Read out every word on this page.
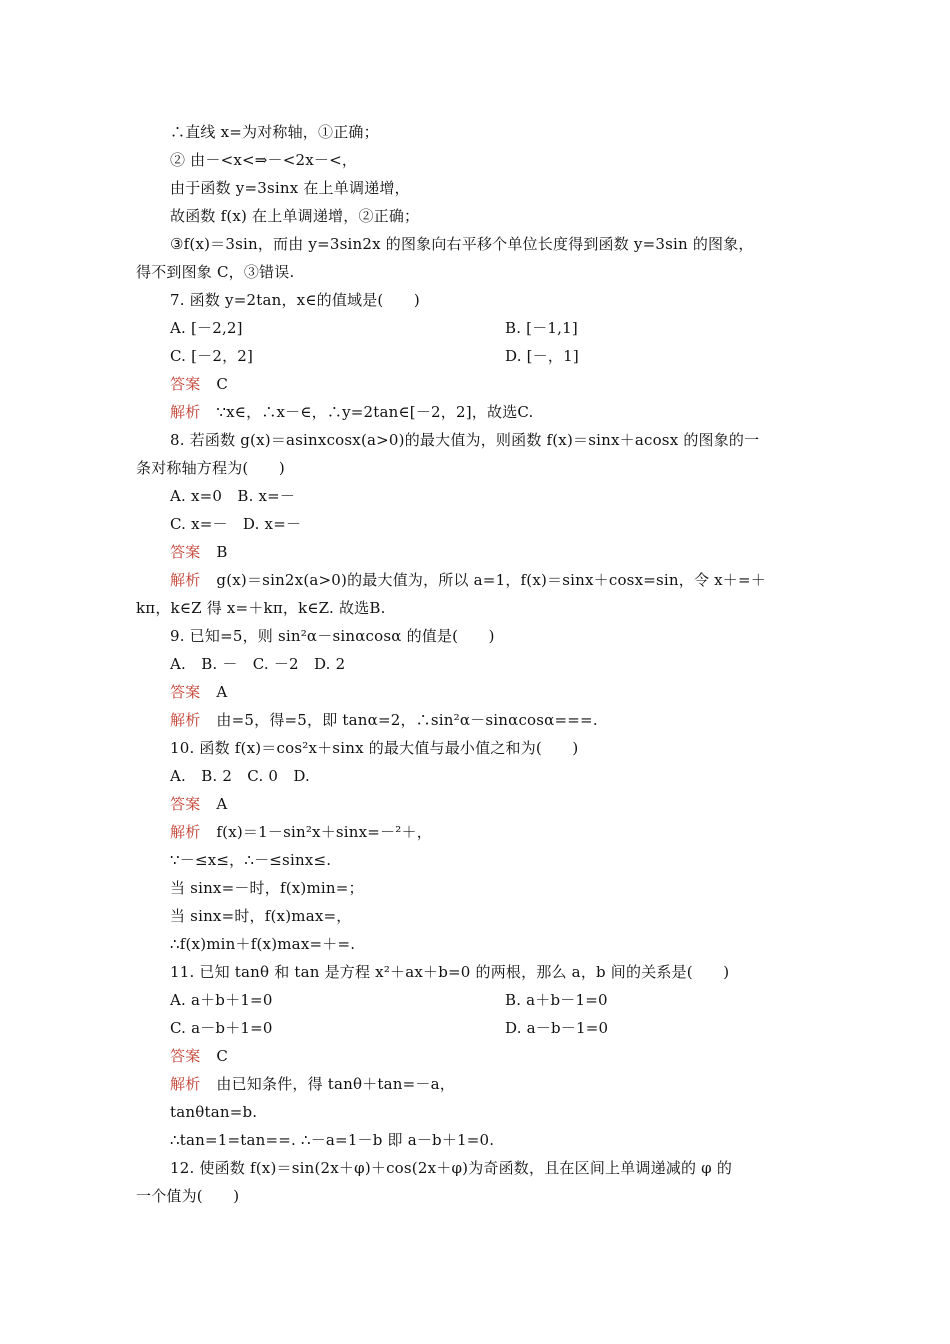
∴直线 x=为对称轴，①正确；
② 由－<x<⇒－<2x－<，
由于函数 y=3sinx 在上单调递增，
故函数 f(x) 在上单调递增，②正确；
③f(x)＝3sin，而由 y=3sin2x 的图象向右平移个单位长度得到函数 y=3sin 的图象，
得不到图象 C，③错误.
7. 函数 y=2tan，x∈的值域是(　　)
A. [－2,2]	B. [－1,1]
C. [－2，2]	D. [－，1]
答案 C
解析 ∵x∈，∴x－∈，∴y=2tan∈[－2，2]，故选C.
8. 若函数 g(x)＝asinxcosx(a>0)的最大值为，则函数 f(x)＝sinx＋acosx 的图象的一
条对称轴方程为(　　)
A. x=0　B. x=－
C. x=－　D. x=－
答案 B
解析 g(x)＝sin2x(a>0)的最大值为，所以 a=1，f(x)＝sinx＋cosx=sin，令 x＋=＋
kπ，k∈Z 得 x=＋kπ，k∈Z. 故选B.
9. 已知=5，则 sin²α－sinαcosα 的值是(　　)
A.　B. －　C. －2　D. 2
答案 A
解析 由=5，得=5，即 tanα=2，∴sin²α－sinαcosα===.
10. 函数 f(x)＝cos²x＋sinx 的最大值与最小值之和为(　　)
A.　B. 2　C. 0　D.
答案 A
解析 f(x)＝1－sin²x＋sinx=－²＋，
∵－≤x≤，∴－≤sinx≤.
当 sinx=－时，f(x)min=；
当 sinx=时，f(x)max=，
∴f(x)min＋f(x)max=＋=.
11. 已知 tanθ 和 tan 是方程 x²＋ax＋b=0 的两根，那么 a，b 间的关系是(　　)
A. a＋b＋1=0	B. a＋b－1=0
C. a－b＋1=0	D. a－b－1=0
答案 C
解析 由已知条件，得 tanθ＋tan=－a，
tanθtan=b.
∴tan=1=tan==. ∴－a=1－b 即 a－b＋1=0.
12. 使函数 f(x)＝sin(2x＋φ)＋cos(2x＋φ)为奇函数，且在区间上单调递减的 φ 的
一个值为(　　)
